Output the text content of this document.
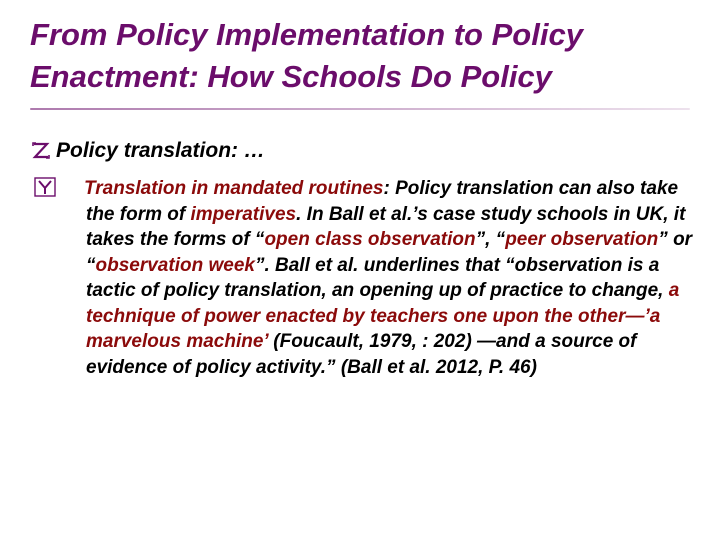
From Policy Implementation to Policy
Enactment: How Schools Do Policy
Policy translation: …
Translation in mandated routines: Policy translation can also take the form of imperatives. In Ball et al.’s case study schools in UK, it takes the forms of “open class observation”, “peer observation” or “observation week”. Ball et al. underlines that “observation is a tactic of policy translation, an opening up of practice to change, a technique of power enacted by teachers one upon the other—’a marvelous machine’ (Foucault, 1979, : 202) —and a source of evidence of policy activity.” (Ball et al. 2012, P. 46)
